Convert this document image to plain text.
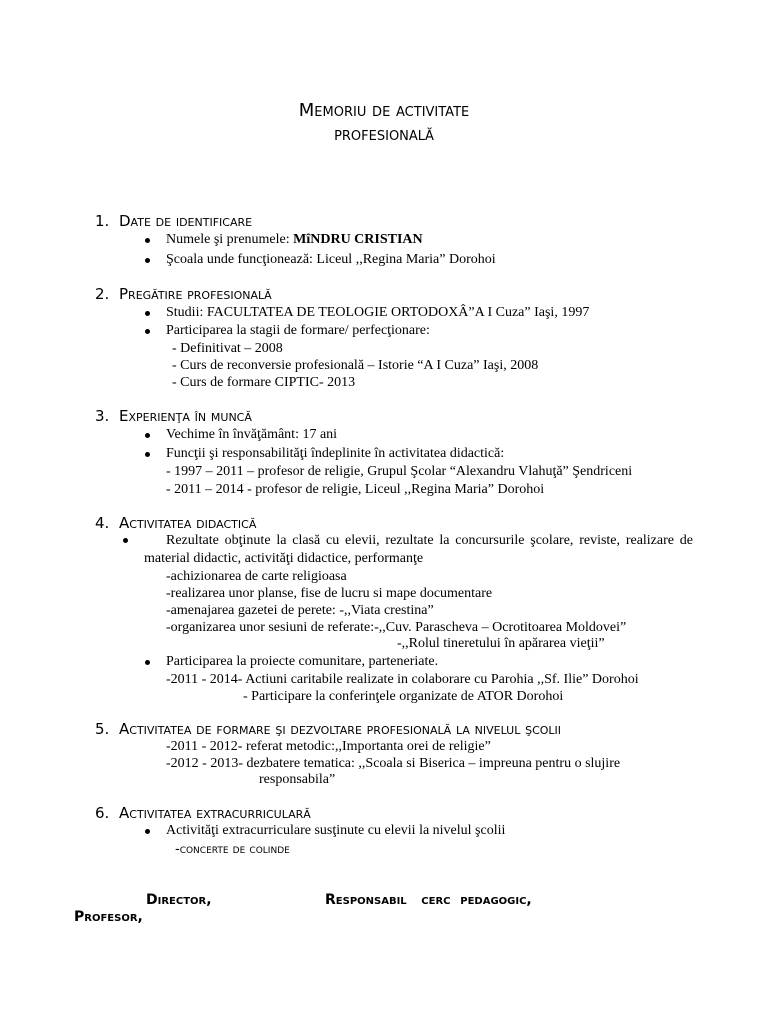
Memoriu de activitate
profesională
1. Date de identificare
Numele şi prenumele: MîNDRU CRISTIAN
Şcoala unde funcţionează: Liceul ,,Regina Maria” Dorohoi
2. Pregătire profesională
Studii: FACULTATEA DE TEOLOGIE ORTODOXÂ”A I Cuza” Iaşi, 1997
Participarea la stagii de formare/ perfecţionare:
- Definitivat – 2008
- Curs de reconversie profesională – Istorie “A I Cuza” Iaşi, 2008
- Curs de formare CIPTIC- 2013
3. Experienţa în muncă
Vechime în învăţământ: 17 ani
Funcţii şi responsabilităţi îndeplinite în activitatea didactică:
- 1997 – 2011 – profesor de religie, Grupul Şcolar “Alexandru Vlahuţă” Şendriceni
- 2011 – 2014 - profesor de religie, Liceul ,,Regina Maria” Dorohoi
4. Activitatea didactică
Rezultate obţinute la clasă cu elevii, rezultate la concursurile şcolare, reviste, realizare de material didactic, activităţi didactice, performanţe
-achizionarea de carte religioasa
-realizarea unor planse, fise de lucru si mape documentare
-amenajarea gazetei de perete: -,,Viata crestina”
-organizarea unor sesiuni de referate:-,,Cuv. Parascheva – Ocrotitoarea Moldovei”
-,,Rolul tineretului în apărarea vieţii”
Participarea la proiecte comunitare, parteneriate.
-2011 - 2014- Actiuni caritabile realizate in colaborare cu Parohia ,,Sf. Ilie” Dorohoi
- Participare la conferinţele organizate de ATOR Dorohoi
5. Activitatea de formare şi dezvoltare profesională la nivelul şcolii
-2011 - 2012- referat metodic:,,Importanta orei de religie”
-2012 - 2013- dezbatere tematica: ,,Scoala si Biserica – impreuna pentru o slujire
responsabila”
6. Activitatea extracurriculară
Activităţi extracurriculare susţinute cu elevii la nivelul şcolii
-concerte de colinde
Director,	Responsabil   cerc  pedagogic,
Profesor,
